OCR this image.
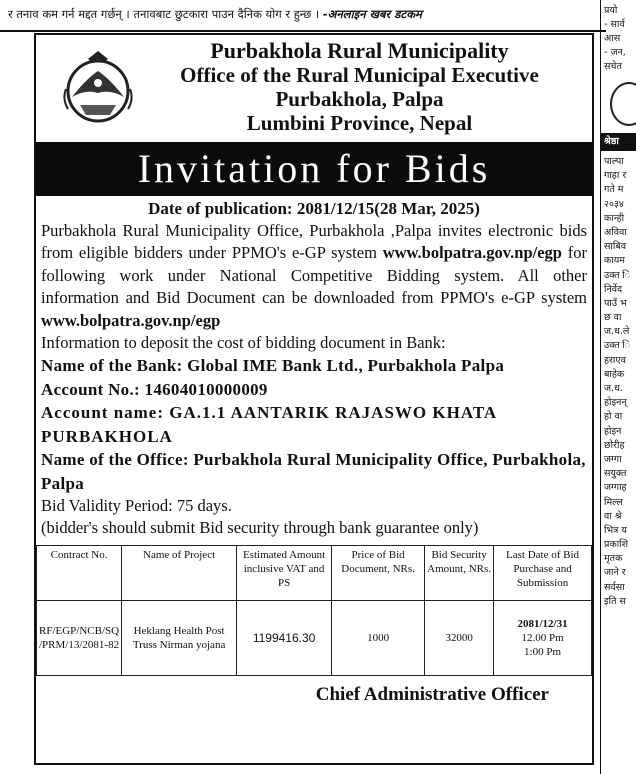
र तनाव कम गर्न मद्दत गर्छन् । तनावबाट छुटकारा पाउन दैनिक योग र हुन्छ । -अनलाइन खबर डटकम	प्रयो
- सार्व
आस
- जन,
सचेत
श्रेष्ठा
पाल्पा
गाहा र
गते म
२०३४
कान्ही
अविवा
साबिव
कायम
उक्त ि
निर्वेद
पाउँ भ
छ वा
ज.ध.ले
उक्त ि
हराएव
बाहेक
ज.ध.
होइनन्
हो वा
होइन
छोरीह
जग्गा
सयुक्त
जग्गाह
मिल्ल
वा श्रे
भित्र य
प्रकाशि
मृतक
जाने र
सर्वसा
इति स
Purbakhola Rural Municipality
Office of the Rural Municipal Executive
Purbakhola, Palpa
Lumbini Province, Nepal
Invitation for Bids
Date of publication: 2081/12/15(28 Mar, 2025)
Purbakhola Rural Municipality Office, Purbakhola ,Palpa invites electronic bids from eligible bidders under PPMO's e-GP system www.bolpatra.gov.np/egp for following work under National Competitive Bidding system. All other information and Bid Document can be downloaded from PPMO's e-GP system www.bolpatra.gov.np/egp
Information to deposit the cost of bidding document in Bank:
Name of the Bank: Global IME Bank Ltd., Purbakhola Palpa
Account No.: 14604010000009
Account name: GA.1.1 AANTARIK RAJASWO KHATA PURBAKHOLA
Name of the Office: Purbakhola Rural Municipality Office, Purbakhola, Palpa
Bid Validity Period: 75 days.
(bidder's should submit Bid security through bank guarantee only)
Contract No.	Name of Project	Estimated Amount inclusive VAT and PS	Price of Bid Document, NRs.	Bid Security Amount, NRs.	Last Date of Bid Purchase and Submission
RF/EGP/NCB/SQ /PRM/13/2081-82	Heklang Health Post Truss Nirman yojana	1199416.30	1000	32000	2081/12/31
12.00 Pm
1:00 Pm
Chief Administrative Officer
